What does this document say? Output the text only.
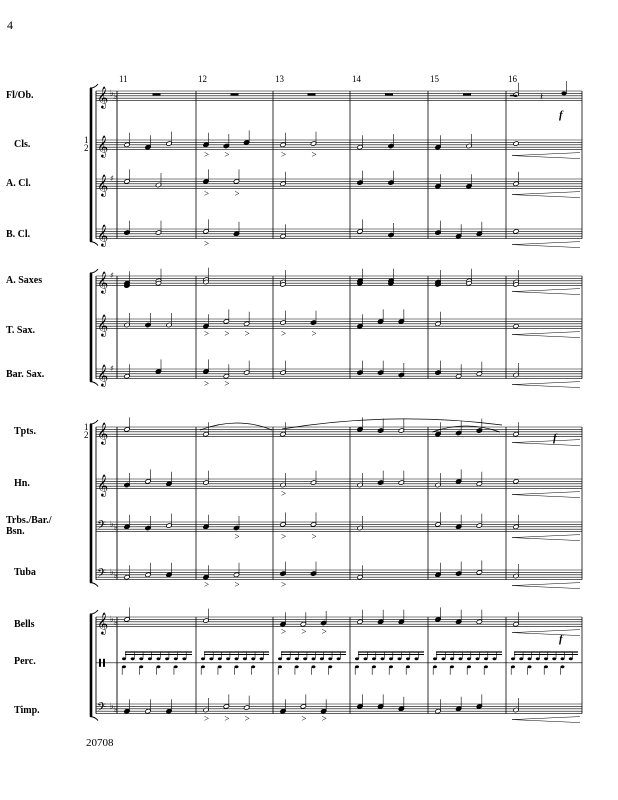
4
20708
11	12	13	14	15	16
Fl/Ob.	𝄞 ♭ ♭	𝄽
Cls.	1
2 𝄞	> >	>	>
A. Cl.	𝄞 ♯
>	>
B. Cl.	𝄞	>
A. Saxes	𝄞 ♯
T. Sax.	𝄞	> > >	>	>
Bar. Sax.	𝄞 ♯
> >
Tpts.	1
2 𝄞
Hn.	𝄞	>
Trbs./Bar./
Bsn.	𝄢 ♭ ♭
>	>	>
Tuba	𝄢 ♭ ♭
>	>	>
Bells	𝄞 ♭ ♭
> > >
Perc.
Timp.	𝄢 ♭ ♭
> > >	> >
f
f
f
